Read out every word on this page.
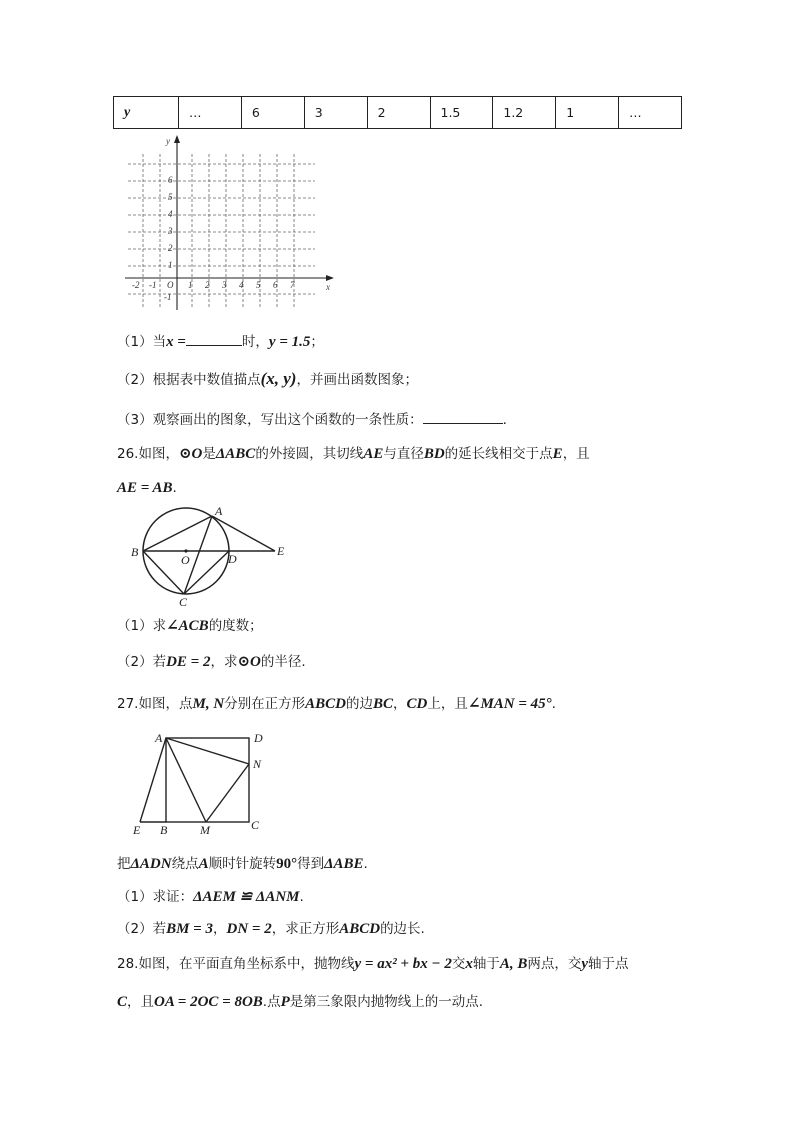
y	…	6	3	2	1.5	1.2	1	…
y
x
6
5
4
3
2
1
-1
-2 -1 O 1 2 3 4 5 6 7
（1）当x =	时，y = 1.5；
（2）根据表中数值描点(x, y)，并画出函数图象；
（3）观察画出的图象，写出这个函数的一条性质：	.
26.如图，⊙O是ΔABC的外接圆，其切线AE与直径BD的延长线相交于点E，且
AE = AB.
A
B
C
D
E
O
（1）求∠ACB的度数；
（2）若DE = 2，求⊙O的半径.
27.如图，点M, N分别在正方形ABCD的边BC，CD上，且∠MAN = 45°.
A	D
N
C
E B	M
把ΔADN绕点A顺时针旋转90°得到ΔABE.
（1）求证：ΔAEM ≌ ΔANM.
（2）若BM = 3，DN = 2，求正方形ABCD的边长.
28.如图，在平面直角坐标系中，抛物线y = ax² + bx − 2交x轴于A, B两点，交y轴于点
C，且OA = 2OC = 8OB.点P是第三象限内抛物线上的一动点.
